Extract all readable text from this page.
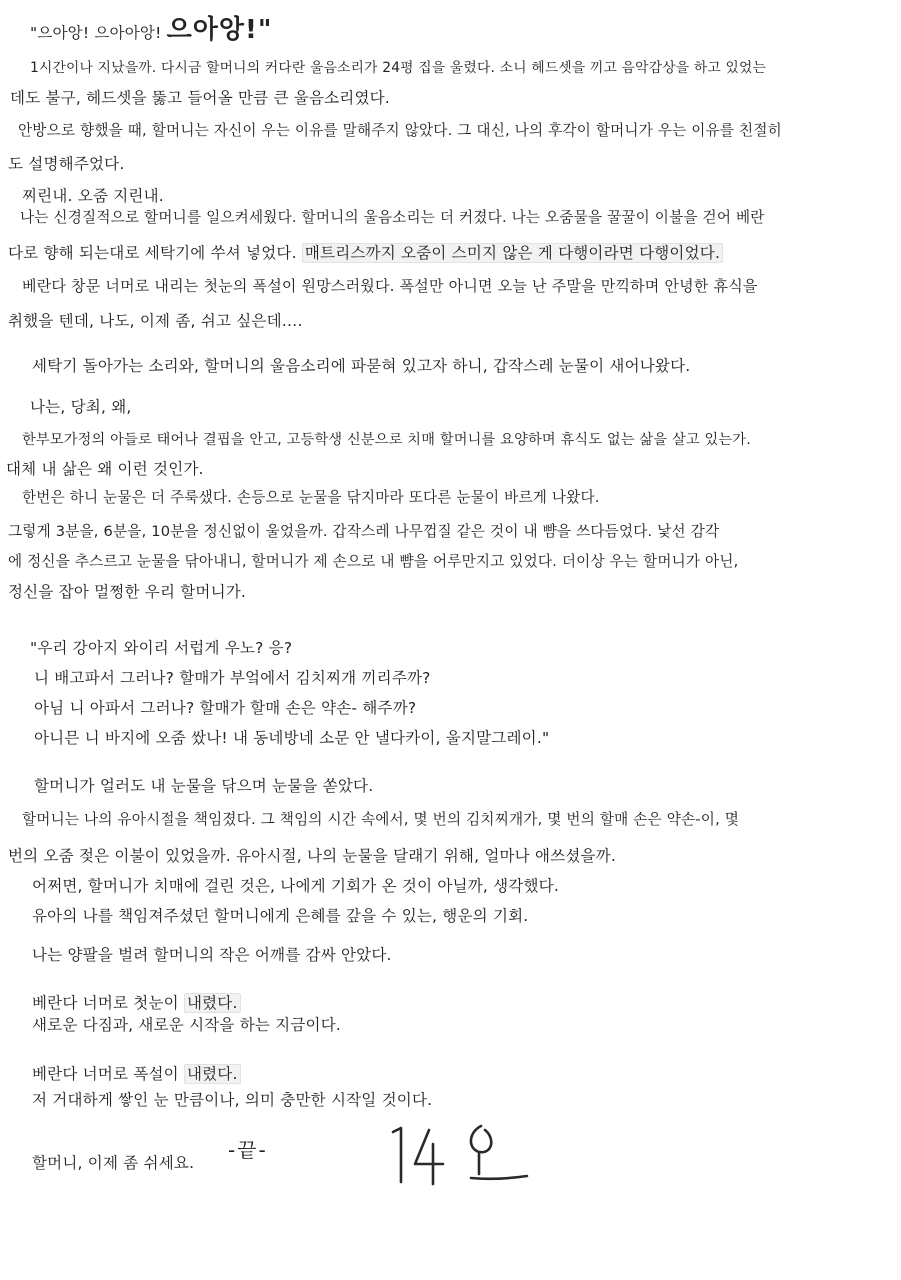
"으아앙! 으아아앙! 으아앙!"
1시간이나 지났을까. 다시금 할머니의 커다란 울음소리가 24평 집을 울렸다. 소니 헤드셋을 끼고 음악감상을 하고 있었는
데도 불구, 헤드셋을 뚫고 들어올 만큼 큰 울음소리였다.
안방으로 향했을 때, 할머니는 자신이 우는 이유를 말해주지 않았다. 그 대신, 나의 후각이 할머니가 우는 이유를 친절히
도 설명해주었다.
찌린내. 오줌 지린내.
나는 신경질적으로 할머니를 일으켜세웠다. 할머니의 울음소리는 더 커졌다. 나는 오줌물을 꿀꿀이 이불을 걷어 베란
다로 향해 되는대로 세탁기에 쑤셔 넣었다. 매트리스까지 오줌이 스미지 않은 게 다행이라면 다행이었다.
베란다 창문 너머로 내리는 첫눈의 폭설이 원망스러웠다. 폭설만 아니면 오늘 난 주말을 만끽하며 안녕한 휴식을
취했을 텐데, 나도, 이제 좀, 쉬고 싶은데….
세탁기 돌아가는 소리와, 할머니의 울음소리에 파묻혀 있고자 하니, 갑작스레 눈물이 새어나왔다.
나는, 당최, 왜,
한부모가정의 아들로 태어나 결핍을 안고, 고등학생 신분으로 치매 할머니를 요양하며 휴식도 없는 삶을 살고 있는가.
대체 내 삶은 왜 이런 것인가.
한번은 하니 눈물은 더 주룩샜다. 손등으로 눈물을 닦지마라 또다른 눈물이 바르게 나왔다.
그렇게 3분을, 6분을, 10분을 정신없이 울었을까. 갑작스레 나무껍질 같은 것이 내 뺨을 쓰다듬었다. 낯선 감각
에 정신을 추스르고 눈물을 닦아내니, 할머니가 제 손으로 내 뺨을 어루만지고 있었다. 더이상 우는 할머니가 아닌,
정신을 잡아 멀쩡한 우리 할머니가.
"우리 강아지 와이리 서럽게 우노? 응?
니 배고파서 그러나? 할매가 부엌에서 김치찌개 끼리주까?
아님 니 아파서 그러나? 할매가 할매 손은 약손- 해주까?
아니믄 니 바지에 오줌 쌌나! 내 동네방네 소문 안 낼다카이, 울지말그레이."
할머니가 얼러도 내 눈물을 닦으며 눈물을 쏟았다.
할머니는 나의 유아시절을 책임졌다. 그 책임의 시간 속에서, 몇 번의 김치찌개가, 몇 번의 할매 손은 약손-이, 몇
번의 오줌 젖은 이불이 있었을까. 유아시절, 나의 눈물을 달래기 위해, 얼마나 애쓰셨을까.
어쩌면, 할머니가 치매에 걸린 것은, 나에게 기회가 온 것이 아닐까, 생각했다.
유아의 나를 책임져주셨던 할머니에게 은혜를 갚을 수 있는, 행운의 기회.
나는 양팔을 벌려 할머니의 작은 어깨를 감싸 안았다.
베란다 너머로 첫눈이 내렸다.
새로운 다짐과, 새로운 시작을 하는 지금이다.
베란다 너머로 폭설이 내렸다.
저 거대하게 쌓인 눈 만큼이나, 의미 충만한 시작일 것이다.
할머니, 이제 좀 쉬세요.
-끝-
